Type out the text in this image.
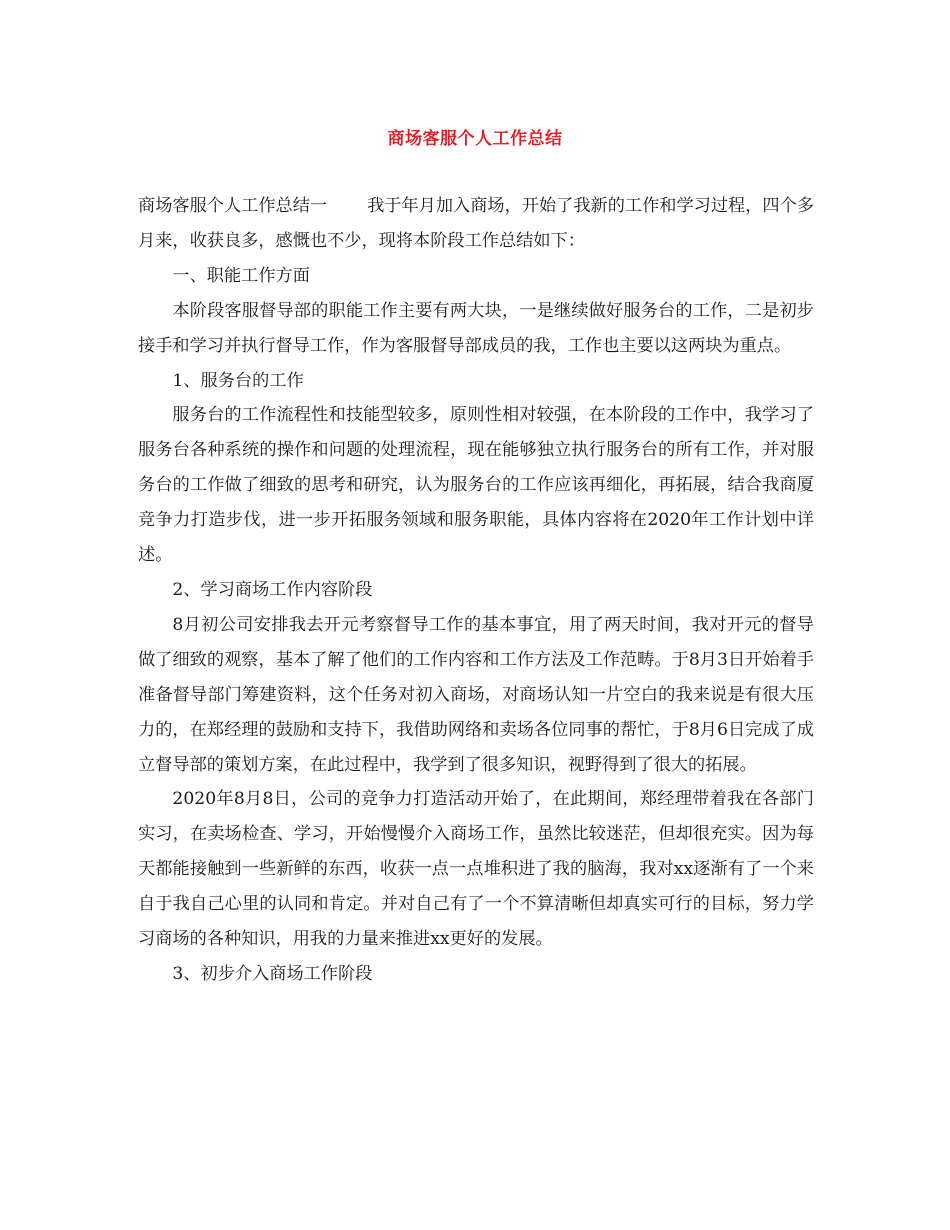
商场客服个人工作总结

商场客服个人工作总结一 我于年月加入商场，开始了我新的工作和学习过程，四个多月来，收获良多，感慨也不少，现将本阶段工作总结如下：

一、职能工作方面

本阶段客服督导部的职能工作主要有两大块，一是继续做好服务台的工作，二是初步接手和学习并执行督导工作，作为客服督导部成员的我，工作也主要以这两块为重点。

1、服务台的工作

服务台的工作流程性和技能型较多，原则性相对较强，在本阶段的工作中，我学习了服务台各种系统的操作和问题的处理流程，现在能够独立执行服务台的所有工作，并对服务台的工作做了细致的思考和研究，认为服务台的工作应该再细化，再拓展，结合我商厦竞争力打造步伐，进一步开拓服务领域和服务职能，具体内容将在2020年工作计划中详述。

2、学习商场工作内容阶段

8月初公司安排我去开元考察督导工作的基本事宜，用了两天时间，我对开元的督导做了细致的观察，基本了解了他们的工作内容和工作方法及工作范畴。于8月3日开始着手准备督导部门筹建资料，这个任务对初入商场，对商场认知一片空白的我来说是有很大压力的，在郑经理的鼓励和支持下，我借助网络和卖场各位同事的帮忙，于8月6日完成了成立督导部的策划方案，在此过程中，我学到了很多知识，视野得到了很大的拓展。

2020年8月8日，公司的竞争力打造活动开始了，在此期间，郑经理带着我在各部门实习，在卖场检查、学习，开始慢慢介入商场工作，虽然比较迷茫，但却很充实。因为每天都能接触到一些新鲜的东西，收获一点一点堆积进了我的脑海，我对xx逐渐有了一个来自于我自己心里的认同和肯定。并对自己有了一个不算清晰但却真实可行的目标，努力学习商场的各种知识，用我的力量来推进xx更好的发展。

3、初步介入商场工作阶段
